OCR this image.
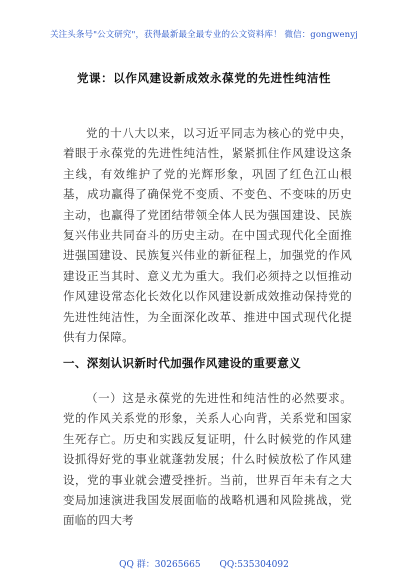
关注头条号"公文研究"，获得最新最全最专业的公文资料库！ 微信：gongwenyj
党课：以作风建设新成效永葆党的先进性纯洁性

党的十八大以来，以习近平同志为核心的党中央，着眼于永葆党的先进性纯洁性，紧紧抓住作风建设这条主线，有效维护了党的光辉形象，巩固了红色江山根基，成功赢得了确保党不变质、不变色、不变味的历史主动，也赢得了党团结带领全体人民为强国建设、民族复兴伟业共同奋斗的历史主动。在中国式现代化全面推进强国建设、民族复兴伟业的新征程上，加强党的作风建设正当其时、意义尤为重大。我们必须持之以恒推动作风建设常态化长效化以作风建设新成效推动保持党的先进性纯洁性，为全面深化改革、推进中国式现代化提供有力保障。

一、深刻认识新时代加强作风建设的重要意义

（一）这是永葆党的先进性和纯洁性的必然要求。党的作风关系党的形象，关系人心向背，关系党和国家生死存亡。历史和实践反复证明，什么时候党的作风建设抓得好党的事业就蓬勃发展；什么时候放松了作风建设，党的事业就会遭受挫折。当前，世界百年未有之大变局加速演进我国发展面临的战略机遇和风险挑战，党面临的四大考

QQ 群：30265665 QQ:535304092
